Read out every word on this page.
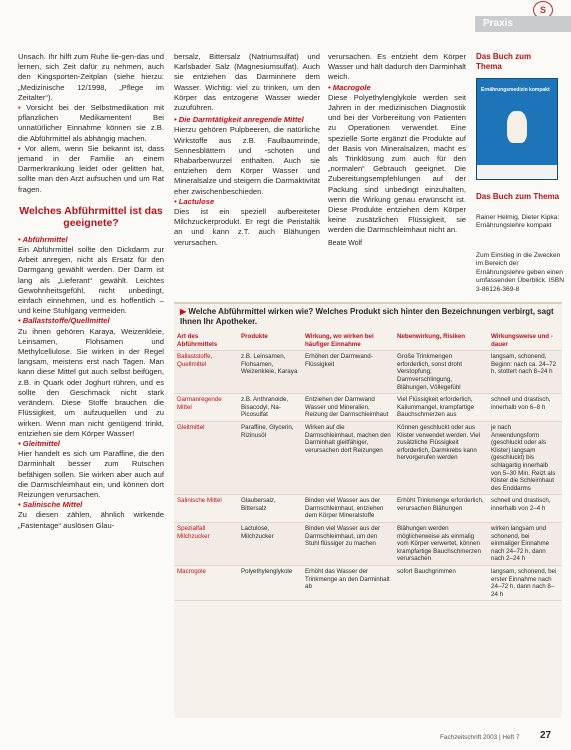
S
Praxis
Unsach. Ihr hilft zum Ruhe lie-gen-das und lernen, sich Zeit dafür zu nehmen, auch den Kingsporten-Zeitplan (siehe hierzu: „Medizinische 12/1998, „Pflege im Zeitalter“).
• Vorsicht bei der Selbstmedikation mit pflanzlichen Medikamenten! Bei unnatürlicher Einnahme können sie z.B. die Abführmittel als abhängig machen.
• Vor allem, wenn Sie bekannt ist, dass jemand in der Familie an einem Darmerkrankung leidet oder gelitten hat, sollte man den Arzt aufsuchen und um Rat fragen.
Welches Abführmittel ist das geeignete?
• Abführmittel
Ein Abführmittel sollte den Dickdarm zur Arbeit anregen, nicht als Ersatz für den Darmgang gewählt werden. Der Darm ist lang als „Lieferant“ gewählt. Leichtes Gewohnheitsgefühl, nicht unbedingt, einfach einnehmen, und es hoffentlich – und keine Stuhlgang vermeiden.
• Ballaststoffe/Quellmittel
Zu ihnen gehören Karaya, Weizenkleie, Leinsamen, Flohsamen und Methylcellulose. Sie wirken in der Regel langsam, meistens erst nach Tagen. Man kann diese Mittel gut auch selbst beifügen, z.B. in Quark oder Joghurt rühren, und es sollte den Geschmack nicht stark verändern. Diese Stoffe brauchen die Flüssigkeit, um aufzuquellen und zu wirken. Wenn man nicht genügend trinkt, entziehen sie dem Körper Wasser!
• Gleitmittel
Hier handelt es sich um Paraffine, die den Darminhalt besser zum Rutschen befähigen sollen. Sie wirken aber auch auf die Darmschleimhaut ein, und können dort Reizungen verursachen.
• Salinische Mittel
Zu diesen zählen, ähnlich wirkende „Fastentage“ auslösen Glau-
bersalz, Bittersalz (Natriumsulfat) und Karlsbader Salz (Magnesiumsulfat). Auch sie entziehen das Darminnere dem Wasser. Wichtig: viel zu trinken, um den Körper das entzogene Wasser wieder zuzuführen.
• Die Darmtätigkeit anregende Mittel
Hierzu gehören Pulpbeeren, die natürliche Wirkstoffe aus z.B. Faulbaumrinde, Sennesblättern und -schoten und Rhabarberwurzel enthalten. Auch sie entziehen dem Körper Wasser und Mineralsalze und steigern die Darmaktivität eher zwischenbeschieden.
• Lactulose
Dies ist ein speziell aufbereiteter Milchzuckerprodukt. Er regt die Peristaltik an und kann z.T. auch Blähungen verursachen.
verursachen. Es entzieht dem Körper Wasser und hält dadurch den Darminhalt weich.
• Macrogole
Diese Polyethylenglykole werden seit Jahren in der medizinischen Diagnostik und bei der Vorbereitung von Patienten zu Operationen verwendet. Eine spezielle Sorte ergänzt die Produkte auf der Basis von Mineralsalzen, macht es als Trinklösung zum auch für den „normalen“ Gebrauch geeignet. Die Zubereitungsempfehlungen auf der Packung sind unbedingt einzuhalten, wenn die Wirkung genau erwünscht ist. Diese Produkte entziehen dem Körper keine zusätzlichen Flüssigkeit, sie werden die Darmschleimhaut nicht an.
Beate Wolf
Das Buch zum Thema
Ernährungsmedizin kompakt
Das Buch zum Thema
Rainer Helmig, Dieter Kipka: Ernährungslehre kompakt
Zum Einstieg in die Zwecken im Bereich der Ernährungslehre geben einen umfassenden Überblick. ISBN 3-86126-369-8
▶ Welche Abführmittel wirken wie? Welches Produkt sich hinter den Bezeichnungen verbirgt, sagt Ihnen Ihr Apotheker.
Art des Abführmittels	Produkte	Wirkung, wo wirken bei häufiger Einnahme	Nebenwirkung, Risiken	Wirkungsweise und -dauer
Ballaststoffe, Quellmittel	z.B. Leinsamen, Flohsamen, Weizenkleie, Karaya	Erhöhen der Darmwand-Flüssigkeit	Große Trinkmengen erforderlich, sonst droht Verstopfung; Darmverschlingung, Blähungen, Völlegefühl	langsam, schonend, Beginn: nach ca. 24–72 h, stottert nach 8–24 h
Darmanregende Mittel	z.B. Anthranoide, Bisacodyl, Na-Picosulfat	Entziehen der Darmwand Wasser und Mineralien, Reizung der Darmschleimhaut	Viel Flüssigkeit erforderlich, Kaliummangel, krampfartige Bauchschmerzen aus	schnell und drastisch, innerhalb von 6–8 h
Gleitmittel	Paraffine, Glycerin, Rizinusöl	Wirken auf die Darmschleimhaut, machen den Darminhalt gleitfähiger, verursachen dort Reizungen	Können geschluckt oder aus Klister verwendet werden. Viel zusätzliche Flüssigkeit erforderlich, Darmkrebs kann hervorgerufen werden	je nach Anwendungsform (geschluckt oder als Klister) langsam (geschluckt) bis schlagartig innerhalb von 5–30 Min. Reizt als Klister die Schleimhaut des Enddarms
Salinische Mittel	Glaubersalz, Bittersalz	Binden viel Wasser aus der Darmschleimhaut, entziehen dem Körper Mineralstoffe	Erhöht Trinkmenge erforderlich, verursachen Blähungen	schnell und drastisch, innerhalb von 2–4 h
Spezialfall Milchzucker	Lactulose, Milchzucker	Binden viel Wasser aus der Darmschleimhaut, um den Stuhl flüssiger zu machen	Blähungen werden möglicherweise als einmalig vom Körper verwertet, können krampfartige Bauchschmerzen verursachen	wirken langsam und schonend, bei einmaliger Einnahme nach 24–72 h, dann nach 2–24 h
Macrogole	Polyethylenglykole	Erhöht das Wasser der Trinkmenge an den Darminhalt ab	sofort Bauchgrimmen	langsam, schonend, bei erster Einnahme nach 24–72 h, dann nach 8–24 h
Fachzeitschrift 2003 | Heft 7 27
